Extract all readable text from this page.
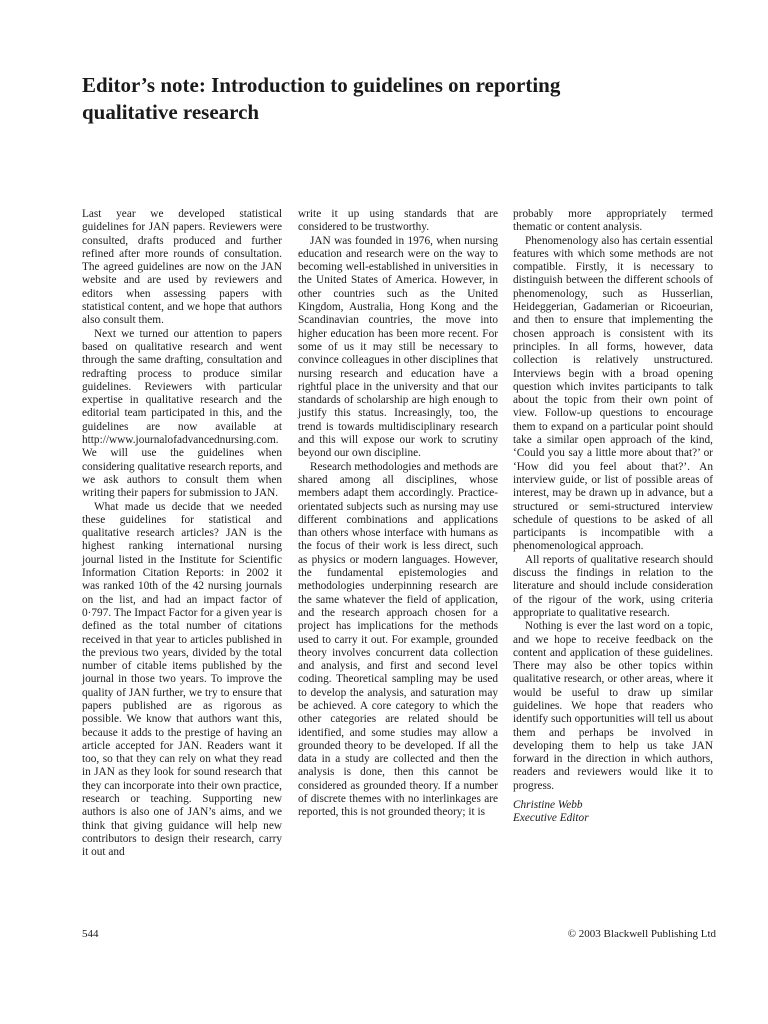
Editor’s note: Introduction to guidelines on reporting qualitative research

Last year we developed statistical guidelines for JAN papers. Reviewers were consulted, drafts produced and further refined after more rounds of consultation. The agreed guidelines are now on the JAN website and are used by reviewers and editors when assessing papers with statistical content, and we hope that authors also consult them.

Next we turned our attention to papers based on qualitative research and went through the same drafting, consultation and redrafting process to produce similar guidelines. Reviewers with particular expertise in qualitative research and the editorial team participated in this, and the guidelines are now available at http://www.journalofadvancednursing.com. We will use the guidelines when considering qualitative research reports, and we ask authors to consult them when writing their papers for submission to JAN.

What made us decide that we needed these guidelines for statistical and qualitative research articles? JAN is the highest ranking international nursing journal listed in the Institute for Scientific Information Citation Reports: in 2002 it was ranked 10th of the 42 nursing journals on the list, and had an impact factor of 0·797. The Impact Factor for a given year is defined as the total number of citations received in that year to articles published in the previous two years, divided by the total number of citable items published by the journal in those two years. To improve the quality of JAN further, we try to ensure that papers published are as rigorous as possible. We know that authors want this, because it adds to the prestige of having an article accepted for JAN. Readers want it too, so that they can rely on what they read in JAN as they look for sound research that they can incorporate into their own practice, research or teaching. Supporting new authors is also one of JAN’s aims, and we think that giving guidance will help new contributors to design their research, carry it out and

write it up using standards that are considered to be trustworthy.

JAN was founded in 1976, when nursing education and research were on the way to becoming well-established in universities in the United States of America. However, in other countries such as the United Kingdom, Australia, Hong Kong and the Scandinavian countries, the move into higher education has been more recent. For some of us it may still be necessary to convince colleagues in other disciplines that nursing research and education have a rightful place in the university and that our standards of scholarship are high enough to justify this status. Increasingly, too, the trend is towards multidisciplinary research and this will expose our work to scrutiny beyond our own discipline.

Research methodologies and methods are shared among all disciplines, whose members adapt them accordingly. Practice-orientated subjects such as nursing may use different combinations and applications than others whose interface with humans as the focus of their work is less direct, such as physics or modern languages. However, the fundamental epistemologies and methodologies underpinning research are the same whatever the field of application, and the research approach chosen for a project has implications for the methods used to carry it out. For example, grounded theory involves concurrent data collection and analysis, and first and second level coding. Theoretical sampling may be used to develop the analysis, and saturation may be achieved. A core category to which the other categories are related should be identified, and some studies may allow a grounded theory to be developed. If all the data in a study are collected and then the analysis is done, then this cannot be considered as grounded theory. If a number of discrete themes with no interlinkages are reported, this is not grounded theory; it is

probably more appropriately termed thematic or content analysis.

Phenomenology also has certain essential features with which some methods are not compatible. Firstly, it is necessary to distinguish between the different schools of phenomenology, such as Husserlian, Heideggerian, Gadamerian or Ricoeurian, and then to ensure that implementing the chosen approach is consistent with its principles. In all forms, however, data collection is relatively unstructured. Interviews begin with a broad opening question which invites participants to talk about the topic from their own point of view. Follow-up questions to encourage them to expand on a particular point should take a similar open approach of the kind, ‘Could you say a little more about that?’ or ‘How did you feel about that?’. An interview guide, or list of possible areas of interest, may be drawn up in advance, but a structured or semi-structured interview schedule of questions to be asked of all participants is incompatible with a phenomenological approach.

All reports of qualitative research should discuss the findings in relation to the literature and should include consideration of the rigour of the work, using criteria appropriate to qualitative research.

Nothing is ever the last word on a topic, and we hope to receive feedback on the content and application of these guidelines. There may also be other topics within qualitative research, or other areas, where it would be useful to draw up similar guidelines. We hope that readers who identify such opportunities will tell us about them and perhaps be involved in developing them to help us take JAN forward in the direction in which authors, readers and reviewers would like it to progress.

Christine Webb
Executive Editor
544	© 2003 Blackwell Publishing Ltd
